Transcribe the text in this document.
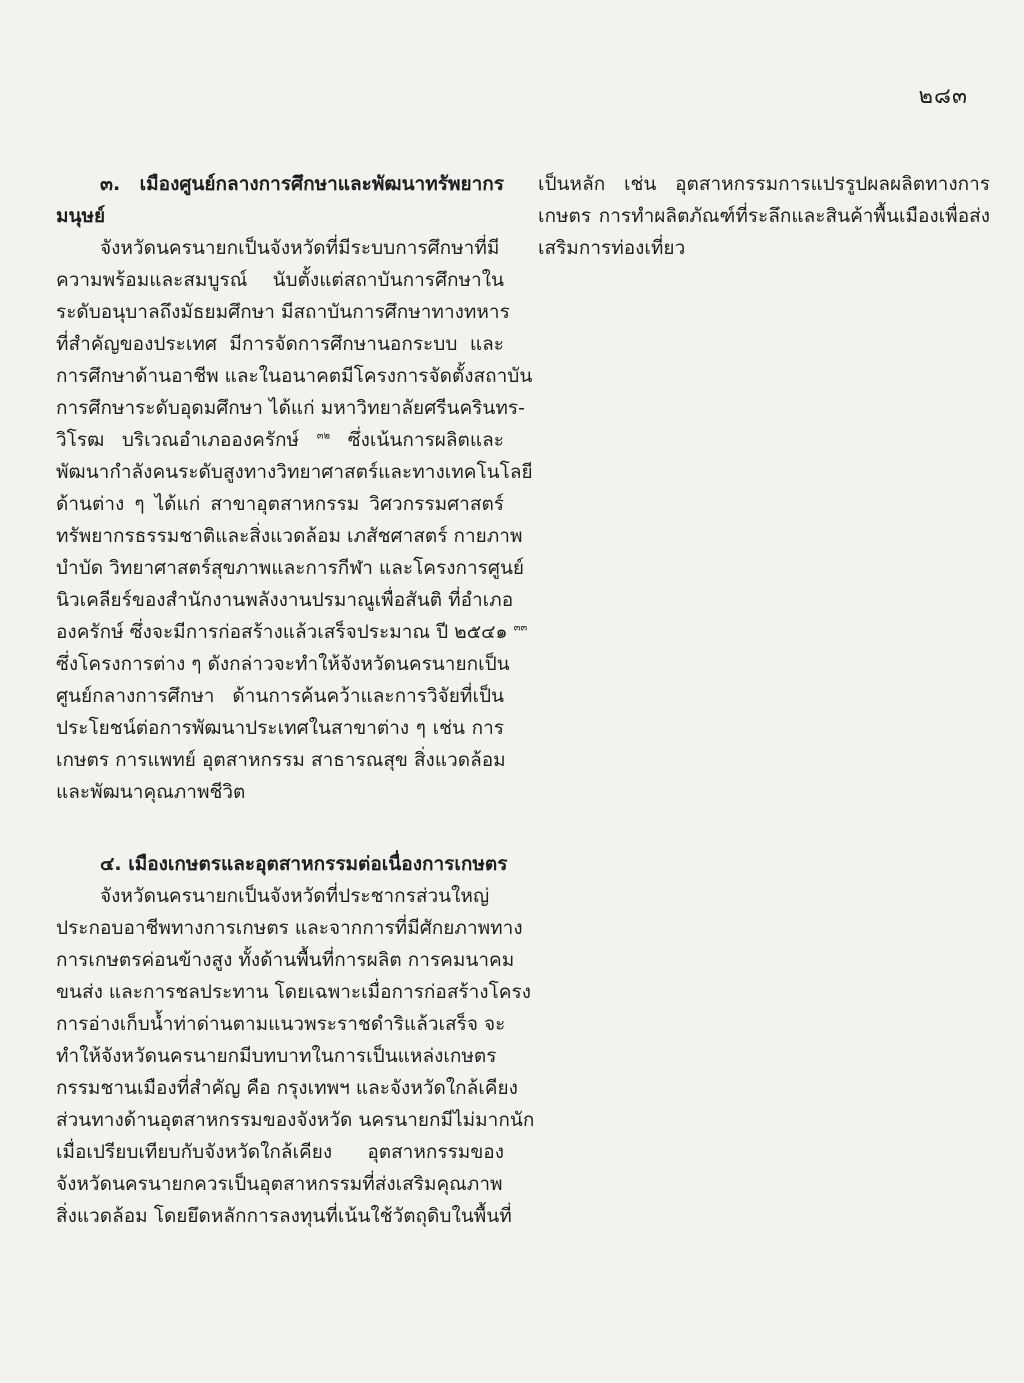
๒๘๓
๓. เมืองศูนย์กลางการศึกษาและพัฒนาทรัพยากร
มนุษย์
จังหวัดนครนายกเป็นจังหวัดที่มีระบบการศึกษาที่มี
ความพร้อมและสมบูรณ์ นับตั้งแต่สถาบันการศึกษาใน
ระดับอนุบาลถึงมัธยมศึกษา มีสถาบันการศึกษาทางทหาร
ที่สำคัญของประเทศ มีการจัดการศึกษานอกระบบ และ
การศึกษาด้านอาชีพ และในอนาคตมีโครงการจัดตั้งสถาบัน
การศึกษาระดับอุดมศึกษา ได้แก่ มหาวิทยาลัยศรีนครินทร-
วิโรฒ บริเวณอำเภอองครักษ์ $^{๓๒}$ ซึ่งเน้นการผลิตและ
พัฒนากำลังคนระดับสูงทางวิทยาศาสตร์และทางเทคโนโลยี
ด้านต่าง ๆ ได้แก่ สาขาอุตสาหกรรม วิศวกรรมศาสตร์
ทรัพยากรธรรมชาติและสิ่งแวดล้อม เภสัชศาสตร์ กายภาพ
บำบัด วิทยาศาสตร์สุขภาพและการกีฬา และโครงการศูนย์
นิวเคลียร์ของสำนักงานพลังงานปรมาณูเพื่อสันติ ที่อำเภอ
องครักษ์ ซึ่งจะมีการก่อสร้างแล้วเสร็จประมาณ ปี ๒๕๔๑ $^{๓๓}$
ซึ่งโครงการต่าง ๆ ดังกล่าวจะทำให้จังหวัดนครนายกเป็น
ศูนย์กลางการศึกษา ด้านการค้นคว้าและการวิจัยที่เป็น
ประโยชน์ต่อการพัฒนาประเทศในสาขาต่าง ๆ เช่น การ
เกษตร การแพทย์ อุตสาหกรรม สาธารณสุข สิ่งแวดล้อม
และพัฒนาคุณภาพชีวิต
๔. เมืองเกษตรและอุตสาหกรรมต่อเนื่องการเกษตร
จังหวัดนครนายกเป็นจังหวัดที่ประชากรส่วนใหญ่
ประกอบอาชีพทางการเกษตร และจากการที่มีศักยภาพทาง
การเกษตรค่อนข้างสูง ทั้งด้านพื้นที่การผลิต การคมนาคม
ขนส่ง และการชลประทาน โดยเฉพาะเมื่อการก่อสร้างโครง
การอ่างเก็บน้ำท่าด่านตามแนวพระราชดำริแล้วเสร็จ จะ
ทำให้จังหวัดนครนายกมีบทบาทในการเป็นแหล่งเกษตร
กรรมชานเมืองที่สำคัญ คือ กรุงเทพฯ และจังหวัดใกล้เคียง
ส่วนทางด้านอุตสาหกรรมของจังหวัด นครนายกมีไม่มากนัก
เมื่อเปรียบเทียบกับจังหวัดใกล้เคียง อุตสาหกรรมของ
จังหวัดนครนายกควรเป็นอุตสาหกรรมที่ส่งเสริมคุณภาพ
สิ่งแวดล้อม โดยยึดหลักการลงทุนที่เน้นใช้วัตถุดิบในพื้นที่
เป็นหลัก เช่น อุตสาหกรรมการแปรรูปผลผลิตทางการ
เกษตร การทำผลิตภัณฑ์ที่ระลึกและสินค้าพื้นเมืองเพื่อส่ง
เสริมการท่องเที่ยว
